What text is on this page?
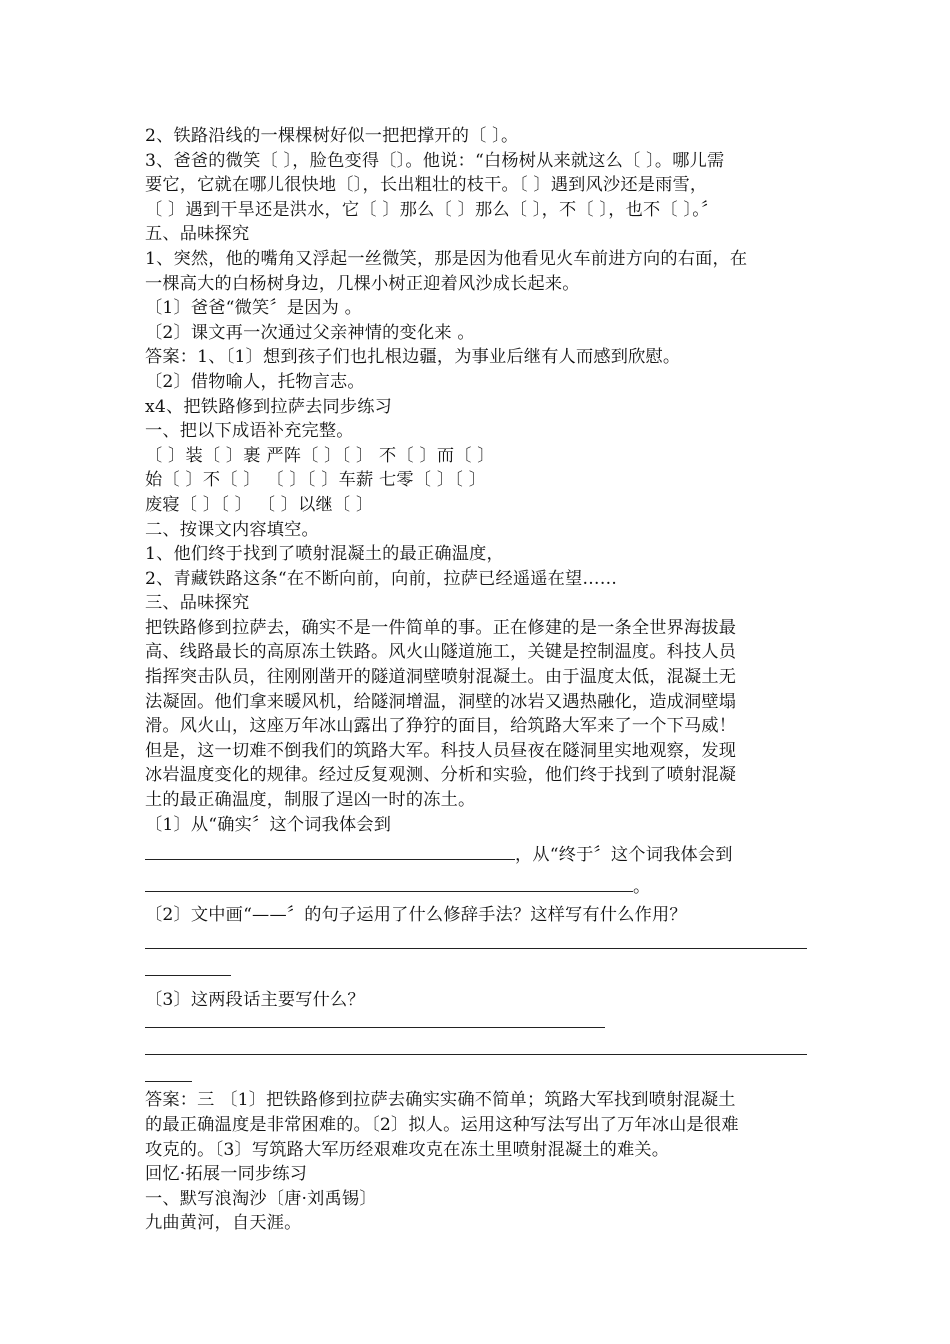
2、铁路沿线的一棵棵树好似一把把撑开的〔 〕。
3、爸爸的微笑〔 〕，脸色变得〔〕。他说：“白杨树从来就这么〔 〕。哪儿需
要它，它就在哪儿很快地〔〕，长出粗壮的枝干。〔 〕遇到风沙还是雨雪，
〔 〕遇到干旱还是洪水，它〔 〕那么〔 〕那么〔 〕，不〔 〕，也不〔 〕。〞
五、品味探究
1、突然，他的嘴角又浮起一丝微笑，那是因为他看见火车前进方向的右面，在
一棵高大的白杨树身边，几棵小树正迎着风沙成长起来。
〔1〕爸爸“微笑〞是因为 。
〔2〕课文再一次通过父亲神情的变化来 。
答案：1、〔1〕想到孩子们也扎根边疆，为事业后继有人而感到欣慰。
〔2〕借物喻人，托物言志。
x4、把铁路修到拉萨去同步练习
一、把以下成语补充完整。
〔 〕装〔 〕裹 严阵〔 〕〔 〕 不〔 〕而〔 〕
始〔 〕不〔 〕 〔 〕〔 〕车薪 七零〔 〕〔 〕
废寝〔 〕〔 〕 〔 〕以继〔 〕
二、按课文内容填空。
1、他们终于找到了喷射混凝土的最正确温度，
2、青藏铁路这条“在不断向前，向前，拉萨已经遥遥在望……
三、品味探究
把铁路修到拉萨去，确实不是一件简单的事。正在修建的是一条全世界海拔最
高、线路最长的高原冻土铁路。风火山隧道施工，关键是控制温度。科技人员
指挥突击队员，往刚刚凿开的隧道洞壁喷射混凝土。由于温度太低，混凝土无
法凝固。他们拿来暖风机，给隧洞增温，洞壁的冰岩又遇热融化，造成洞壁塌
滑。风火山，这座万年冰山露出了狰狞的面目，给筑路大军来了一个下马威！
但是，这一切难不倒我们的筑路大军。科技人员昼夜在隧洞里实地观察，发现
冰岩温度变化的规律。经过反复观测、分析和实验，他们终于找到了喷射混凝
土的最正确温度，制服了逞凶一时的冻土。
〔1〕从“确实〞这个词我体会到
，从“终于〞这个词我体会到
。
〔2〕文中画“——〞的句子运用了什么修辞手法？这样写有什么作用？
〔3〕这两段话主要写什么？
答案：三 〔1〕把铁路修到拉萨去确实实确不简单；筑路大军找到喷射混凝土
的最正确温度是非常困难的。〔2〕拟人。运用这种写法写出了万年冰山是很难
攻克的。〔3〕写筑路大军历经艰难攻克在冻土里喷射混凝土的难关。
回忆·拓展一同步练习
一、默写浪淘沙〔唐·刘禹锡〕
九曲黄河，自天涯。
